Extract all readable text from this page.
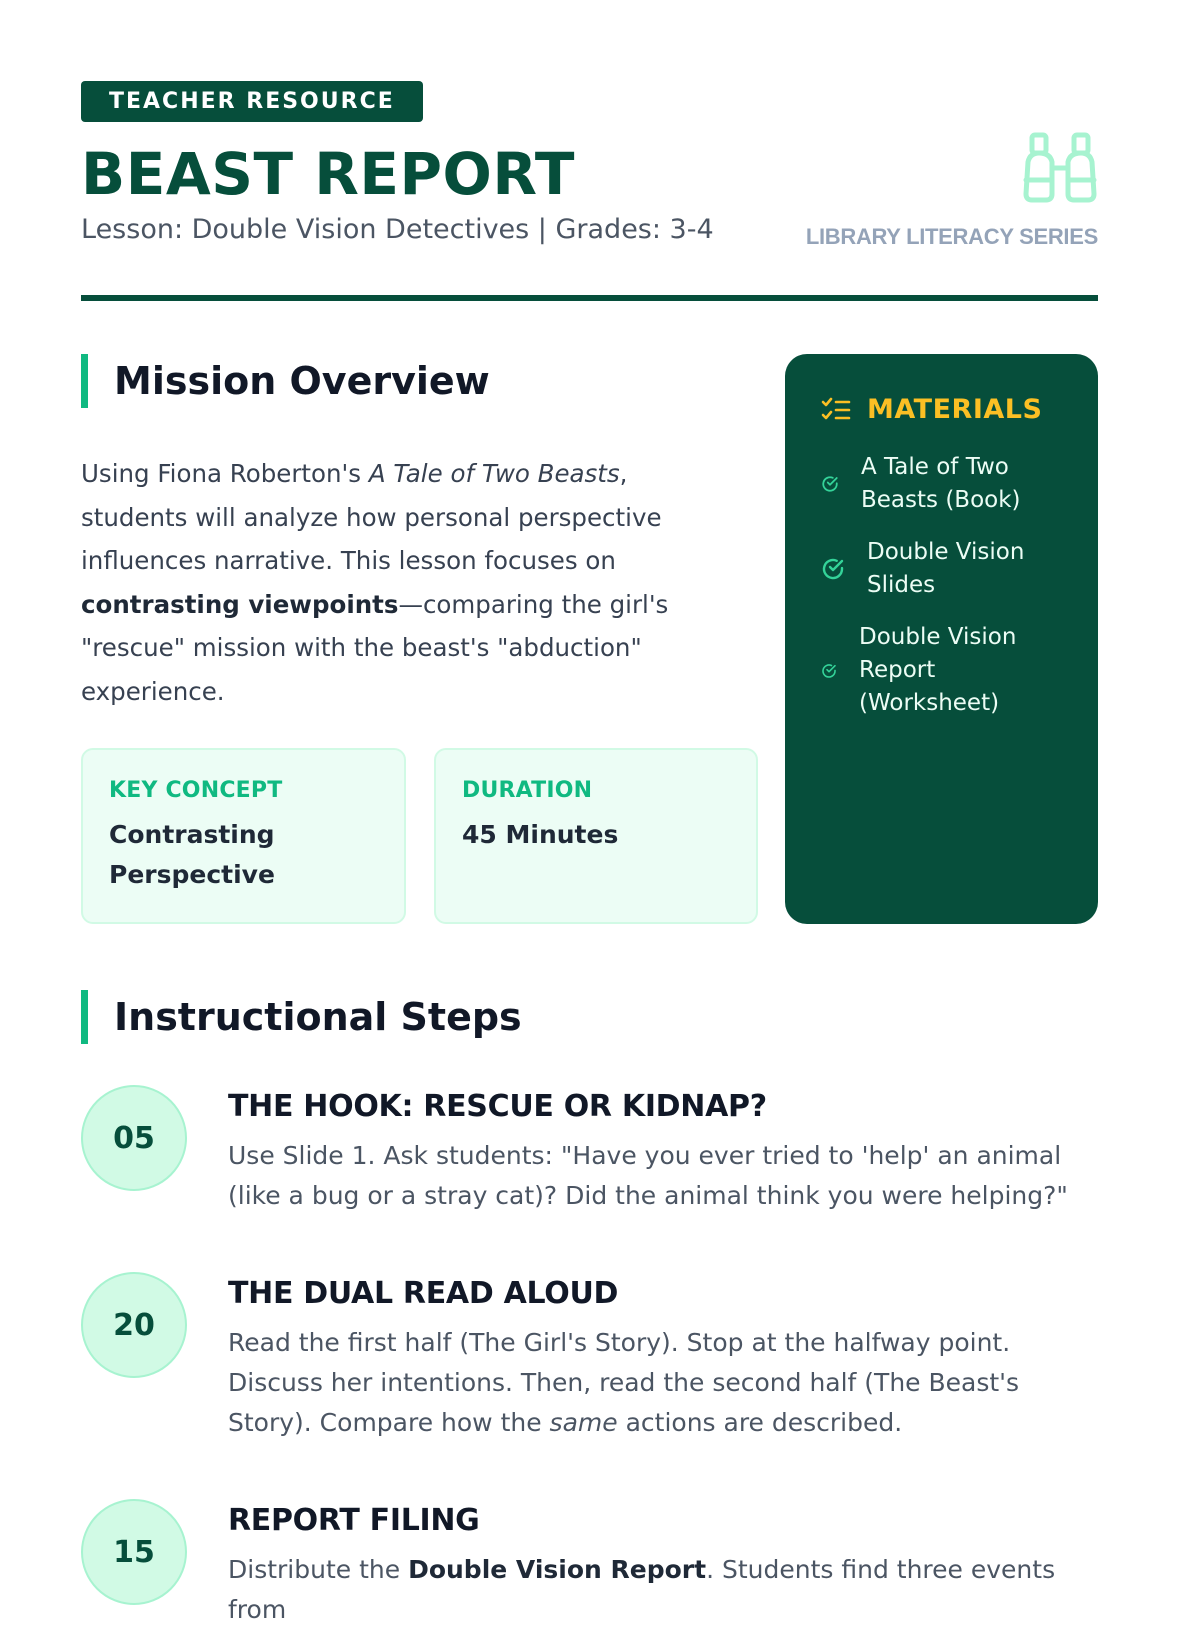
TEACHER RESOURCE
BEAST REPORT
Lesson: Double Vision Detectives | Grades: 3-4	LIBRARY LITERACY SERIES
Mission Overview

Using Fiona Roberton's A Tale of Two Beasts, students will analyze how personal perspective influences narrative. This lesson focuses on contrasting viewpoints—comparing the girl's "rescue" mission with the beast's "abduction" experience.

KEY CONCEPT
Contrasting Perspective
DURATION
45 Minutes
MATERIALS
A Tale of Two Beasts (Book)
Double Vision Slides
Double Vision Report (Worksheet)
Instructional Steps
05
THE HOOK: RESCUE OR KIDNAP?

Use Slide 1. Ask students: "Have you ever tried to 'help' an animal (like a bug or a stray cat)? Did the animal think you were helping?"

20
THE DUAL READ ALOUD

Read the first half (The Girl's Story). Stop at the halfway point. Discuss her intentions. Then, read the second half (The Beast's Story). Compare how the same actions are described.

15
REPORT FILING

Distribute the Double Vision Report. Students find three events from
